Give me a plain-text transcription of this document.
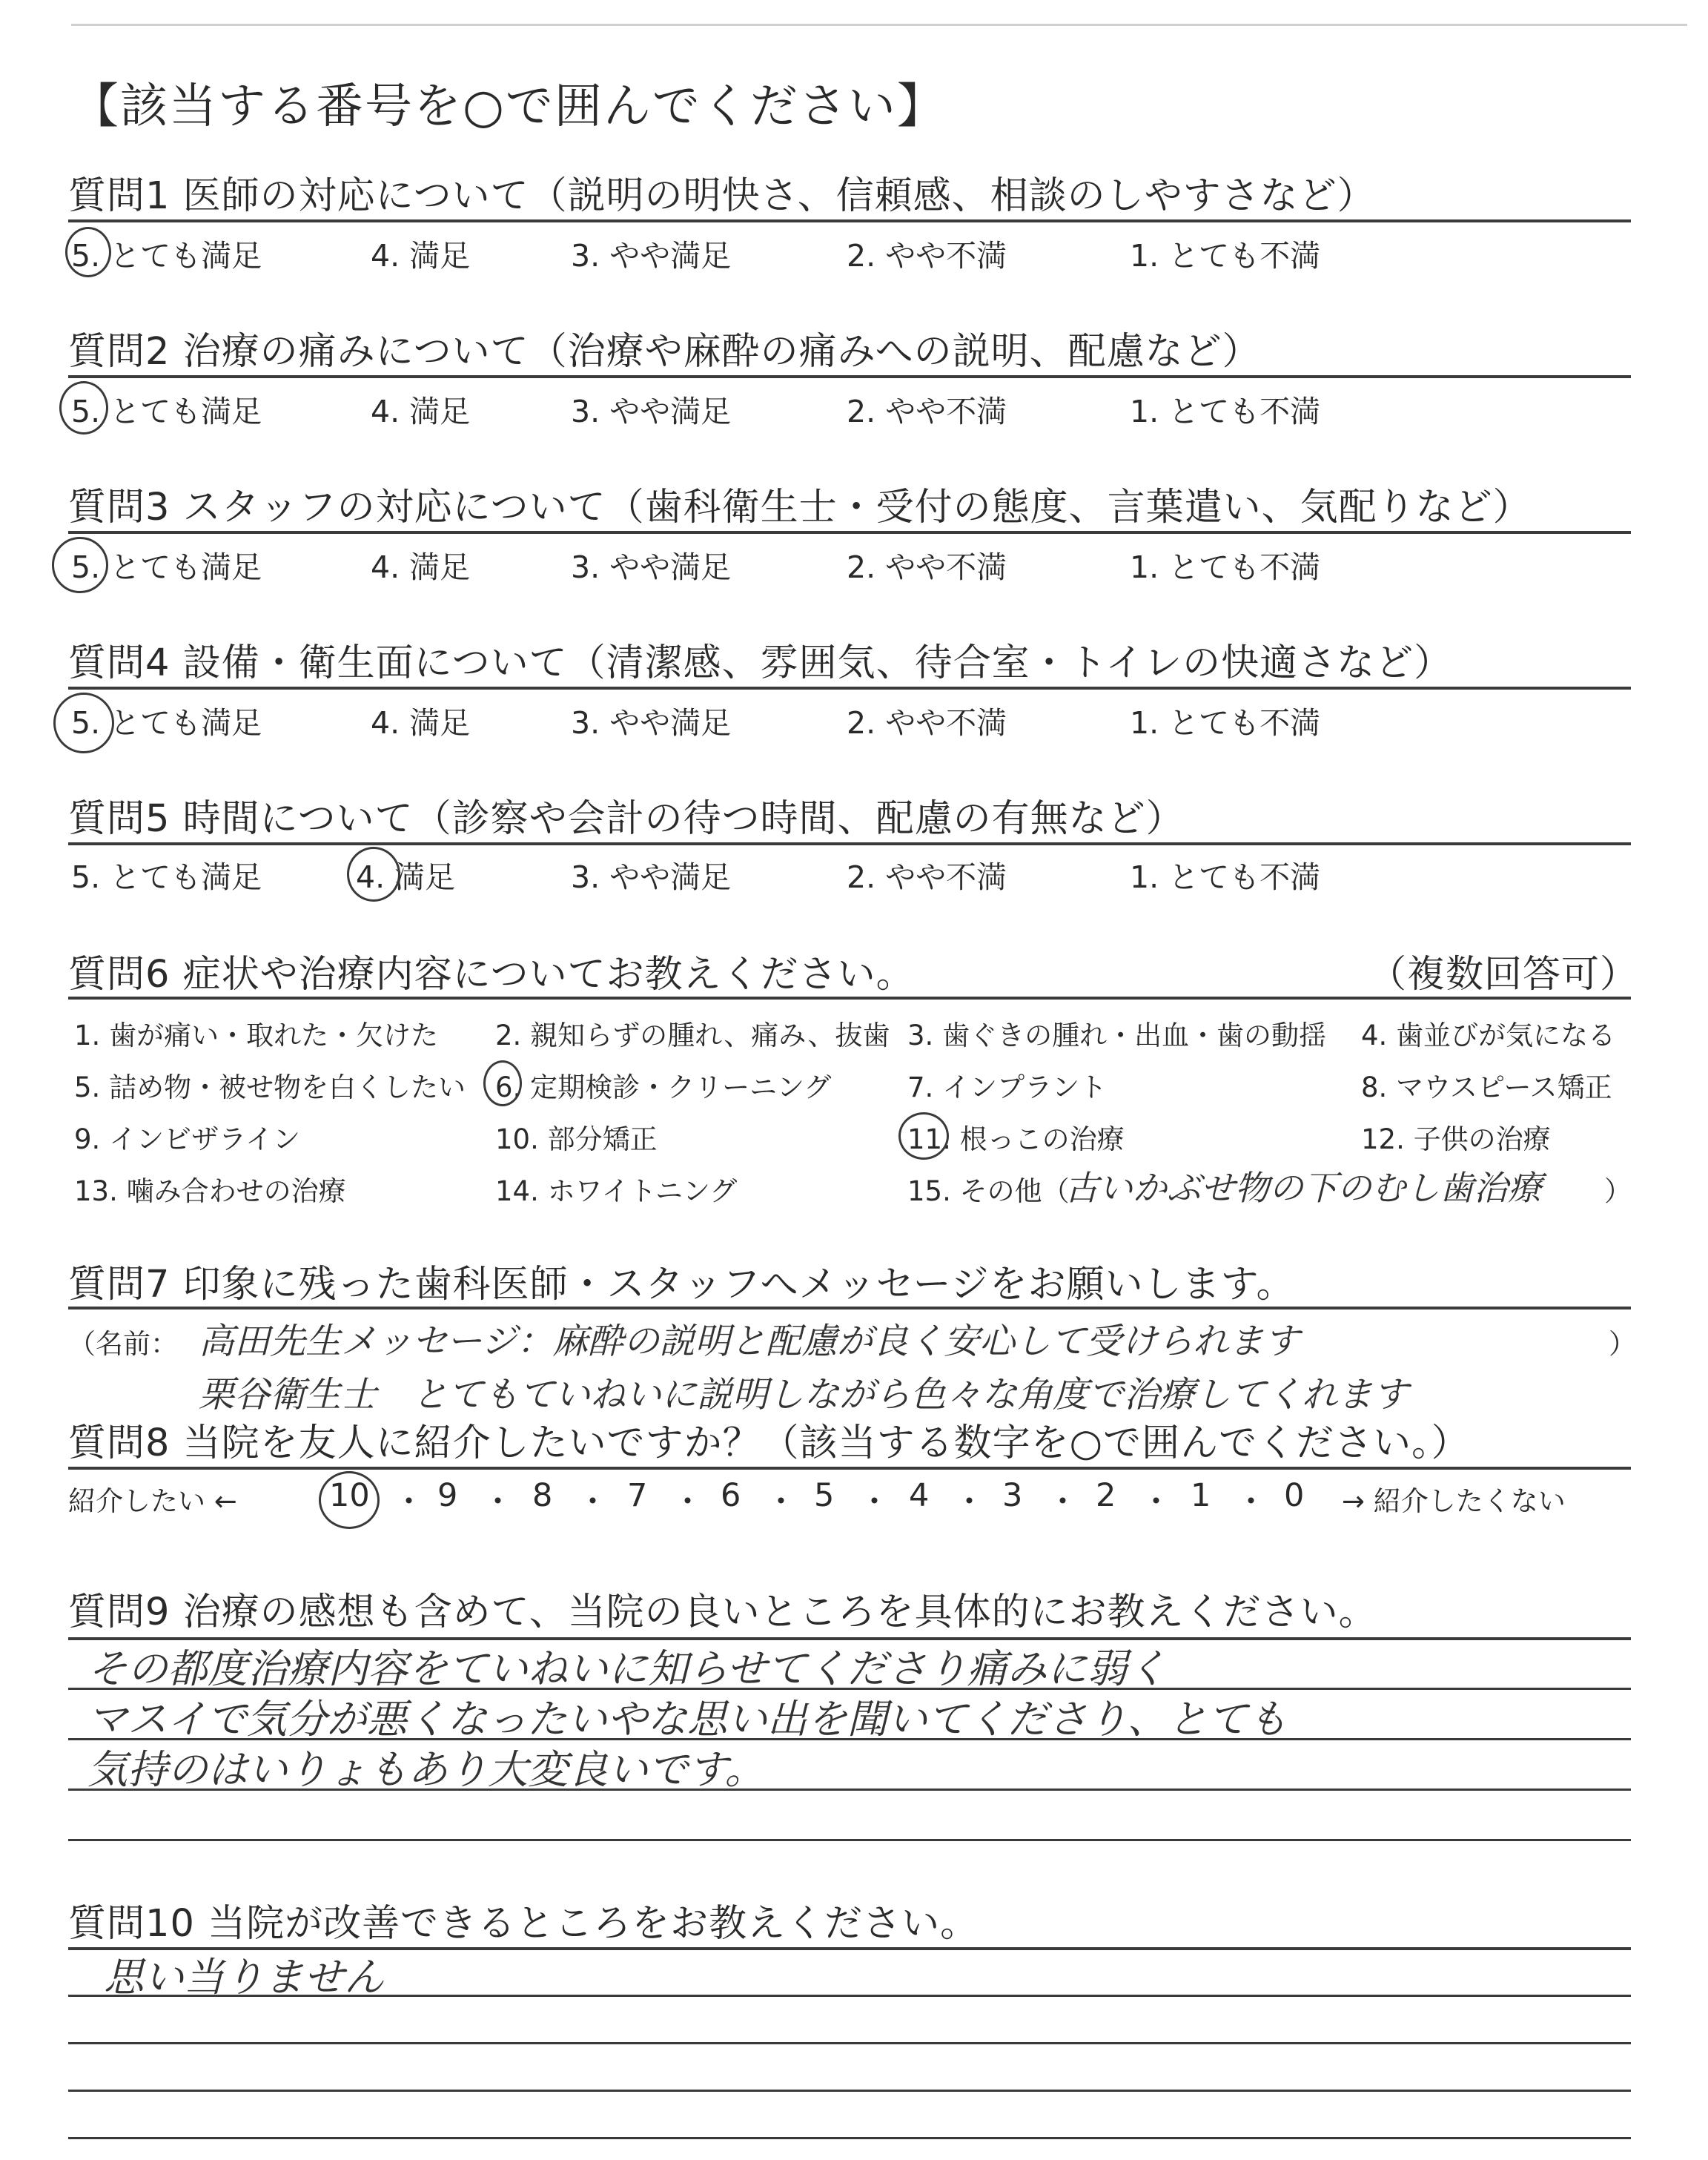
【該当する番号を○で囲んでください】
質問1 医師の対応について（説明の明快さ、信頼感、相談のしやすさなど）
5. とても満足	4. 満足	3. やや満足	2. やや不満	1. とても不満
質問2 治療の痛みについて（治療や麻酔の痛みへの説明、配慮など）
5. とても満足	4. 満足	3. やや満足	2. やや不満	1. とても不満
質問3 スタッフの対応について（歯科衛生士・受付の態度、言葉遣い、気配りなど）
5. とても満足	4. 満足	3. やや満足	2. やや不満	1. とても不満
質問4 設備・衛生面について（清潔感、雰囲気、待合室・トイレの快適さなど）
5. とても満足	4. 満足	3. やや満足	2. やや不満	1. とても不満
質問5 時間について（診察や会計の待つ時間、配慮の有無など）
5. とても満足	4. 満足	3. やや満足	2. やや不満	1. とても不満
質問6 症状や治療内容についてお教えください。	（複数回答可）
1. 歯が痛い・取れた・欠けた 2. 親知らずの腫れ、痛み、抜歯 3. 歯ぐきの腫れ・出血・歯の動揺 4. 歯並びが気になる
5. 詰め物・被せ物を白くしたい 6. 定期検診・クリーニング	7. インプラント	8. マウスピース矯正
9. インビザライン	10. 部分矯正	11. 根っこの治療	12. 子供の治療
13. 噛み合わせの治療	14. ホワイトニング	15. その他（
古いかぶせ物の下のむし歯治療 ）
質問7 印象に残った歯科医師・スタッフへメッセージをお願いします。
（名前： 高田先生メッセージ：麻酔の説明と配慮が良く安心して受けられます	）
栗谷衛生士　とてもていねいに説明しながら色々な角度で治療してくれます
質問8 当院を友人に紹介したいですか？（該当する数字を○で囲んでください。）
紹介したい ←	→ 紹介したくない
10 ・ 9 ・ 8 ・ 7 ・ 6 ・ 5 ・ 4 ・ 3 ・ 2 ・ 1 ・ 0
質問9 治療の感想も含めて、当院の良いところを具体的にお教えください。
その都度治療内容をていねいに知らせてくださり痛みに弱く
マスイで気分が悪くなったいやな思い出を聞いてくださり、とても
気持のはいりょもあり大変良いです。
質問10 当院が改善できるところをお教えください。
思い当りません
